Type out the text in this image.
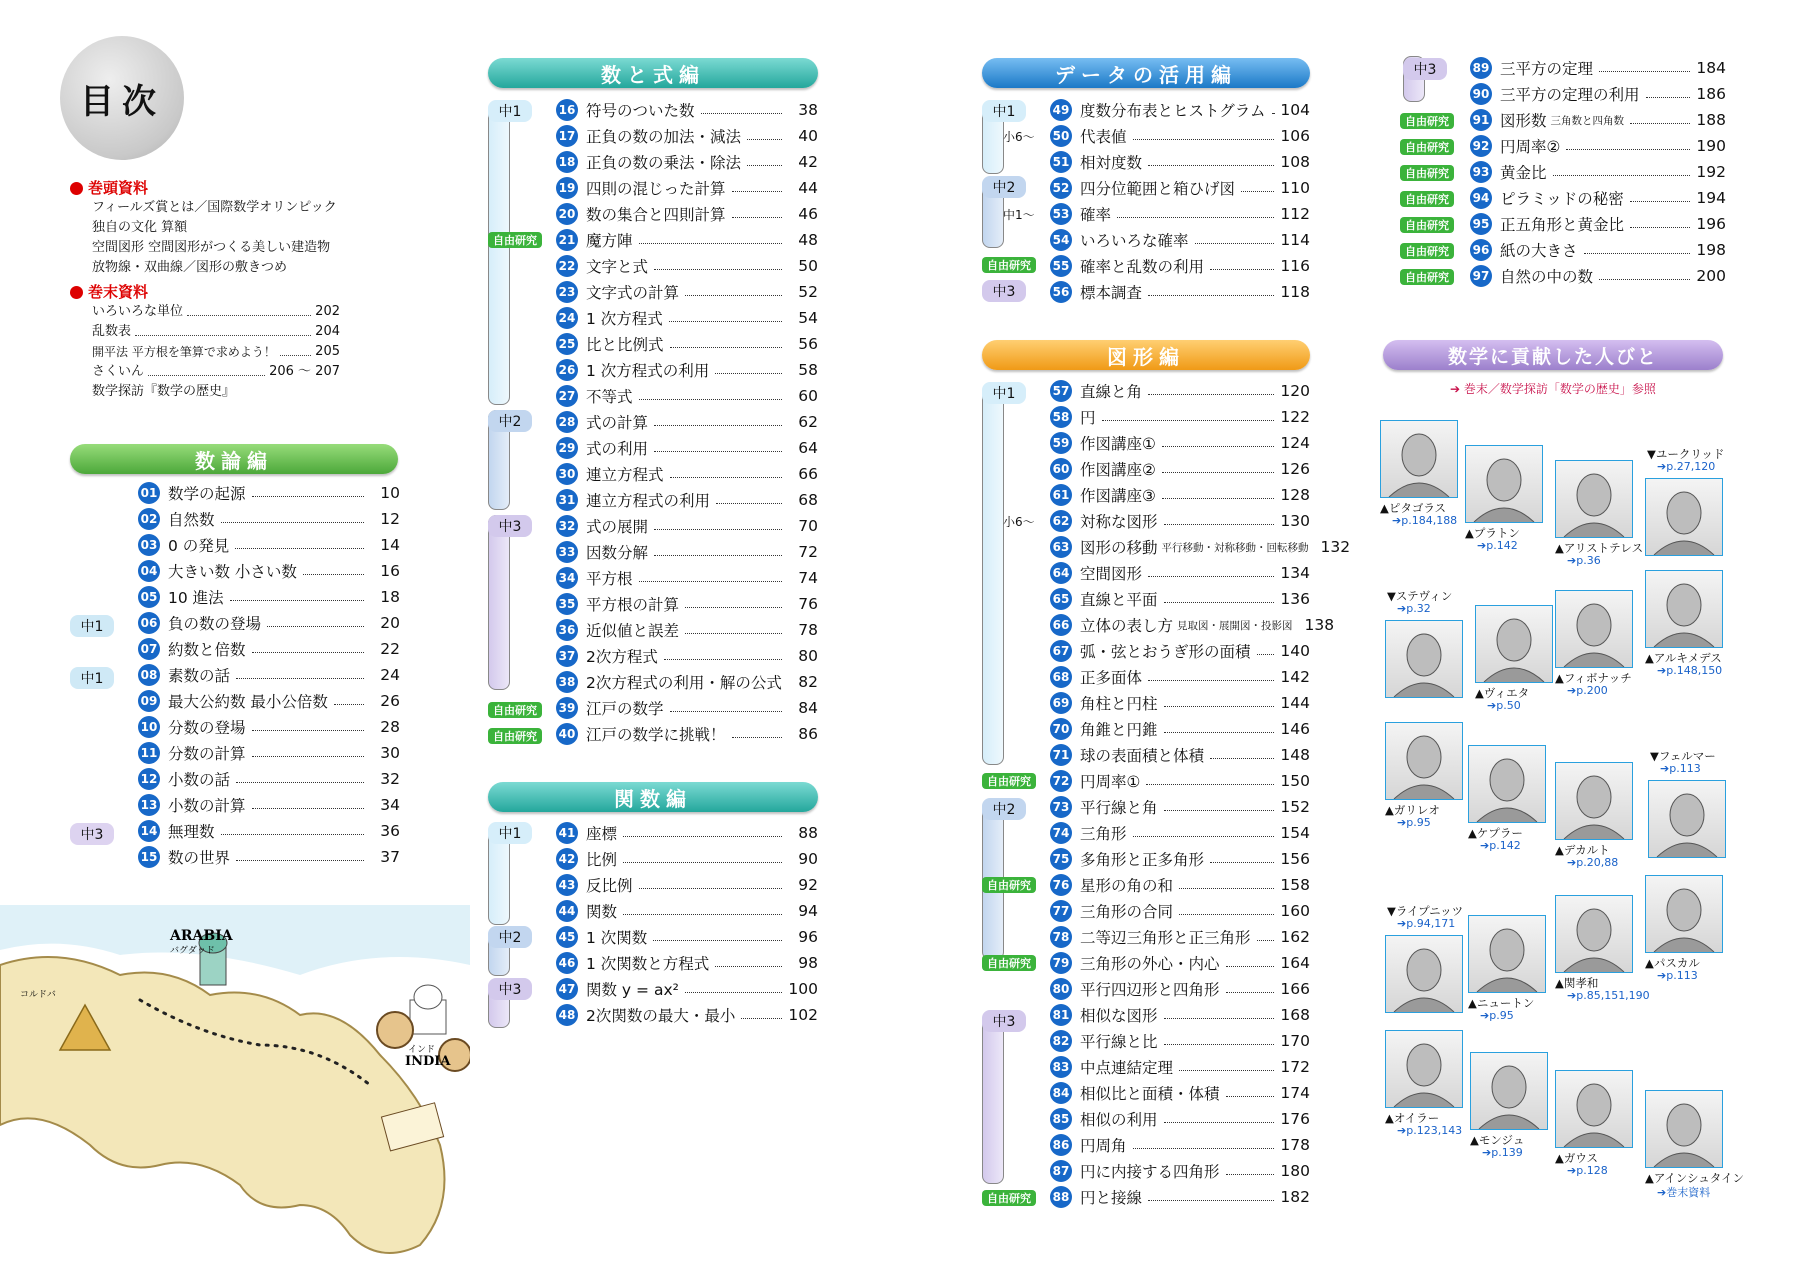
目次
巻頭資料
フィールズ賞とは／国際数学オリンピック
独自の文化 算額
空間図形 空間図形がつくる美しい建造物
放物線・双曲線／図形の敷きつめ
巻末資料
いろいろな単位	202
乱数表	204
開平法 平方根を筆算で求めよう！	205
さくいん	206 ～ 207
数学探訪『数学の歴史』
数論編
中1
中1
中3
01 数学の起源	10
02 自然数	12
03 0 の発見	14
04 大きい数 小さい数	16
05 10 進法	18
06 負の数の登場	20
07 約数と倍数	22
08 素数の話	24
09 最大公約数 最小公倍数	26
10 分数の登場	28
11 分数の計算	30
12 小数の話	32
13 小数の計算	34
14 無理数	36
15 数の世界	37
ARABIA
バグダッド
コルドバ
インド
INDIA
数と式編
中1
中2
中3
自由研究
自由研究
自由研究
16 符号のついた数	38
17 正負の数の加法・減法	40
18 正負の数の乗法・除法	42
19 四則の混じった計算	44
20 数の集合と四則計算	46
21 魔方陣	48
22 文字と式	50
23 文字式の計算	52
24 1 次方程式	54
25 比と比例式	56
26 1 次方程式の利用	58
27 不等式	60
28 式の計算	62
29 式の利用	64
30 連立方程式	66
31 連立方程式の利用	68
32 式の展開	70
33 因数分解	72
34 平方根	74
35 平方根の計算	76
36 近似値と誤差	78
37 2次方程式	80
38 2次方程式の利用・解の公式 82
39 江戸の数学	84
40 江戸の数学に挑戦！	86
関数編
中1
中2
中3
41 座標	88
42 比例	90
43 反比例	92
44 関数	94
45 1 次関数	96
46 1 次関数と方程式	98
47 関数 y = ax²	100
48 2次関数の最大・最小	102
データの活用編
中1
小6～
中2
中1～
自由研究
中3
49 度数分布表とヒストグラム 104
50 代表値	106
51 相対度数	108
52 四分位範囲と箱ひげ図	110
53 確率	112
54 いろいろな確率	114
55 確率と乱数の利用	116
56 標本調査	118
図形編
中1
小6～
自由研究
中2
自由研究
自由研究
中3
自由研究
57 直線と角	120
58 円	122
59 作図講座①	124
60 作図講座②	126
61 作図講座③	128
62 対称な図形	130
63 図形の移動 平行移動・対称移動・回転移動 132
64 空間図形	134
65 直線と平面	136
66 立体の表し方 見取図・展開図・投影図 138
67 弧・弦とおうぎ形の面積 140
68 正多面体	142
69 角柱と円柱	144
70 角錐と円錐	146
71 球の表面積と体積	148
72 円周率①	150
73 平行線と角	152
74 三角形	154
75 多角形と正多角形	156
76 星形の角の和	158
77 三角形の合同	160
78 二等辺三角形と正三角形 162
79 三角形の外心・内心	164
80 平行四辺形と四角形	166
81 相似な図形	168
82 平行線と比	170
83 中点連結定理	172
84 相似比と面積・体積	174
85 相似の利用	176
86 円周角	178
87 円に内接する四角形	180
88 円と接線	182
中3
自由研究
自由研究
自由研究
自由研究
自由研究
自由研究
自由研究
89 三平方の定理	184
90 三平方の定理の利用	186
91 図形数 三角数と四角数	188
92 円周率②	190
93 黄金比	192
94 ピラミッドの秘密	194
95 正五角形と黄金比	196
96 紙の大きさ	198
97 自然の中の数	200
数学に貢献した人びと
➔ 巻末／数学探訪「数学の歴史」参照
▲ピタゴラス
➔p.184,188
▲プラトン
➔p.142	▲アリストテレス
➔p.36
▼ユークリッド
➔p.27,120
▼ステヴィン
➔p.32
▲ヴィエタ
➔p.50
▲フィボナッチ
➔p.200
▲アルキメデス
➔p.148,150
▲ガリレオ
➔p.95
▲ケプラー
➔p.142	▲デカルト
➔p.20,88
▼フェルマー
➔p.113
▼ライプニッツ
➔p.94,171
▲ニュートン
➔p.95
▲関孝和
➔p.85,151,190
▲パスカル
➔p.113
▲オイラー
➔p.123,143
▲モンジュ
➔p.139	▲ガウス
➔p.128
▲アインシュタイン
➔巻末資料
